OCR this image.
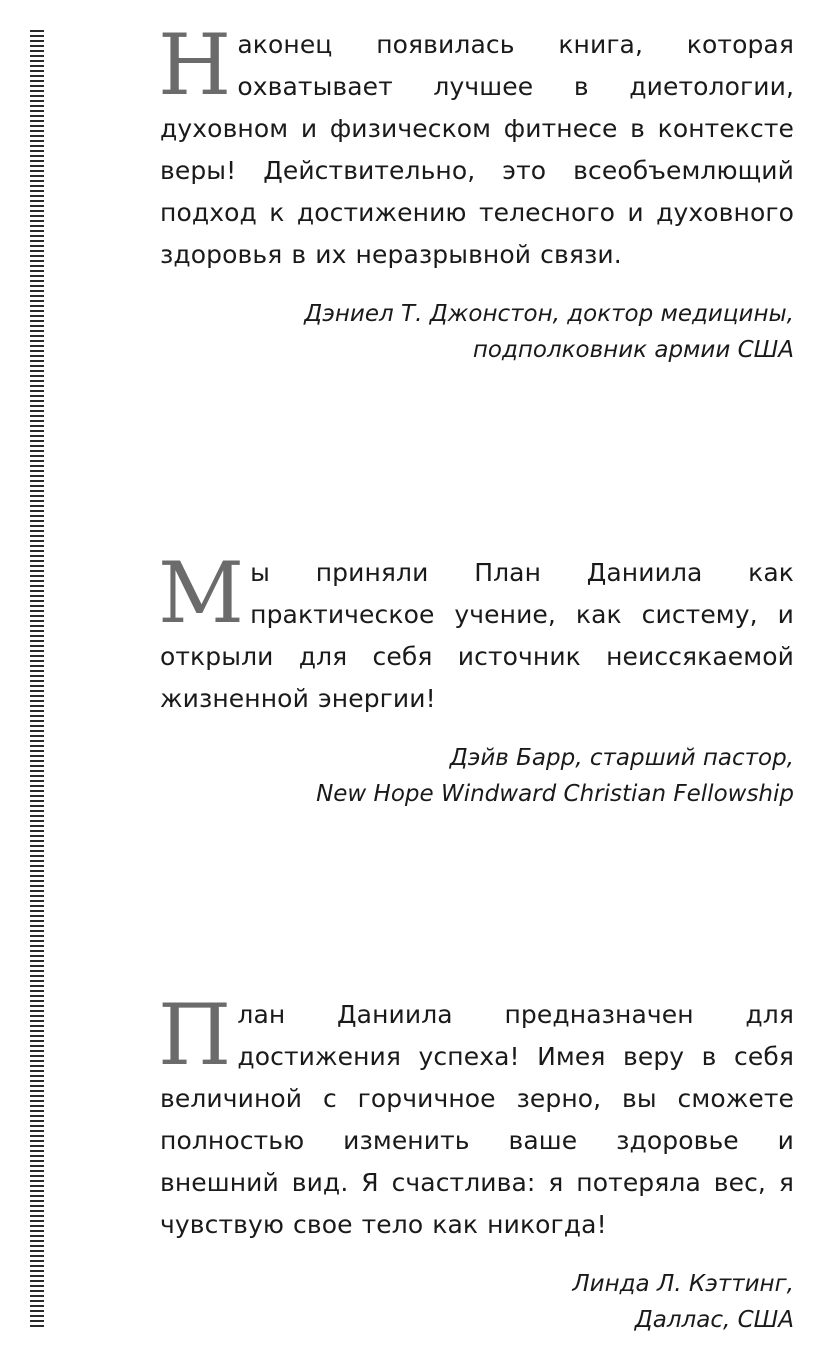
Наконец появилась книга, которая охватывает лучшее в диетологии, духовном и физическом фитнесе в контексте веры! Действительно, это всеобъемлющий подход к достижению телесного и духовного здоровья в их неразрывной связи.

Дэниел Т. Джонстон, доктор медицины,
подполковник армии США

Мы приняли План Даниила как практическое учение, как систему, и открыли для себя источник неиссякаемой жизненной энергии!

Дэйв Барр, старший пастор,
New Hope Windward Christian Fellowship

План Даниила предназначен для достижения успеха! Имея веру в себя величиной с горчичное зерно, вы сможете полностью изменить ваше здоровье и внешний вид. Я счастлива: я потеряла вес, я чувствую свое тело как никогда!

Линда Л. Кэттинг,
Даллас, США
